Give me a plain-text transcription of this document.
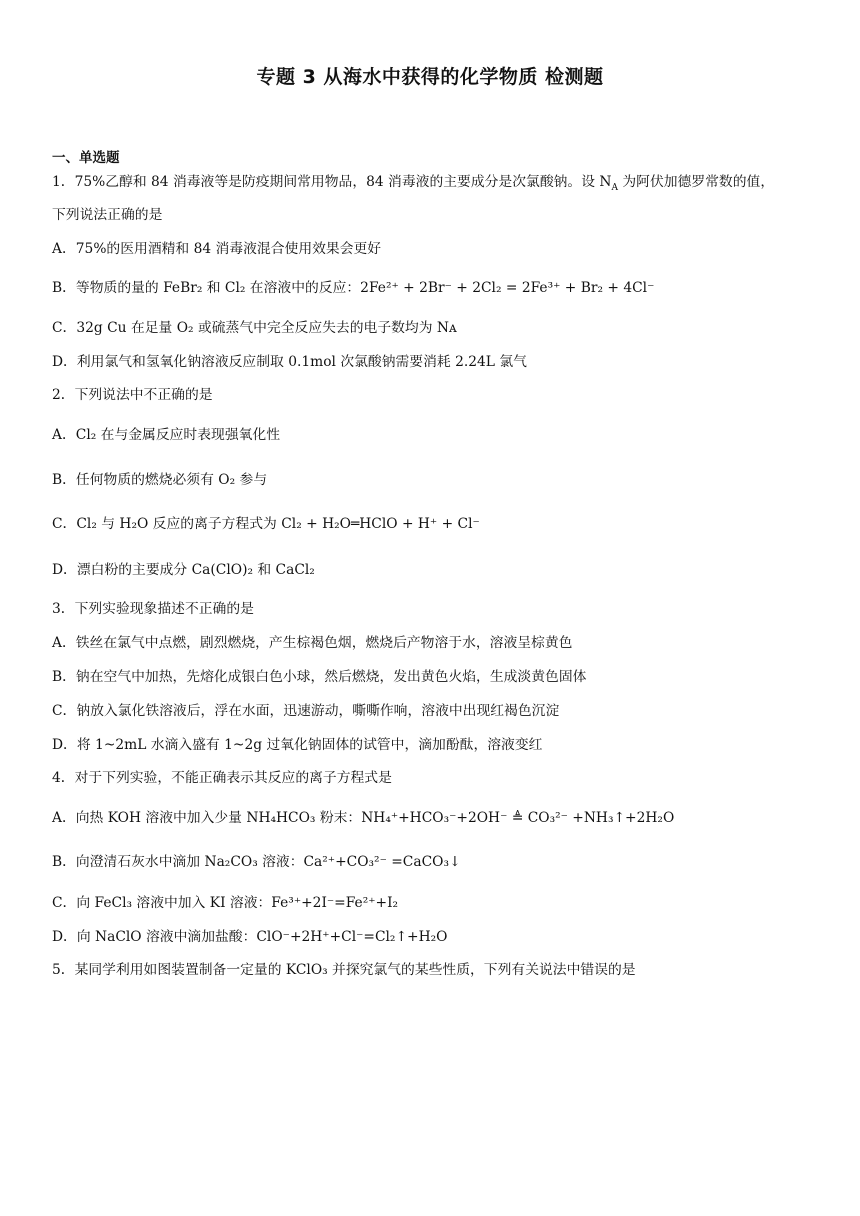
专题 3 从海水中获得的化学物质 检测题
一、单选题
1．75%乙醇和 84 消毒液等是防疫期间常用物品，84 消毒液的主要成分是次氯酸钠。设 $N_A$ 为阿伏加德罗常数的值，
下列说法正确的是
A．75%的医用酒精和 84 消毒液混合使用效果会更好
B．等物质的量的 FeBr₂ 和 Cl₂ 在溶液中的反应：2Fe²⁺ + 2Br⁻ + 2Cl₂ = 2Fe³⁺ + Br₂ + 4Cl⁻
C．32g Cu 在足量 O₂ 或硫蒸气中完全反应失去的电子数均为 Nᴀ
D．利用氯气和氢氧化钠溶液反应制取 0.1mol 次氯酸钠需要消耗 2.24L 氯气
2．下列说法中不正确的是
A．Cl₂ 在与金属反应时表现强氧化性
B．任何物质的燃烧必须有 O₂ 参与
C．Cl₂ 与 H₂O 反应的离子方程式为 Cl₂ + H₂O═HClO + H⁺ + Cl⁻
D．漂白粉的主要成分 Ca(ClO)₂ 和 CaCl₂
3．下列实验现象描述不正确的是
A．铁丝在氯气中点燃，剧烈燃烧，产生棕褐色烟，燃烧后产物溶于水，溶液呈棕黄色
B．钠在空气中加热，先熔化成银白色小球，然后燃烧，发出黄色火焰，生成淡黄色固体
C．钠放入氯化铁溶液后，浮在水面，迅速游动，嘶嘶作响，溶液中出现红褐色沉淀
D．将 1~2mL 水滴入盛有 1~2g 过氧化钠固体的试管中，滴加酚酞，溶液变红
4．对于下列实验，不能正确表示其反应的离子方程式是
A．向热 KOH 溶液中加入少量 NH₄HCO₃ 粉末：NH₄⁺+HCO₃⁻+2OH⁻ ≜ CO₃²⁻ +NH₃↑+2H₂O
B．向澄清石灰水中滴加 Na₂CO₃ 溶液：Ca²⁺+CO₃²⁻ =CaCO₃↓
C．向 FeCl₃ 溶液中加入 KI 溶液：Fe³⁺+2I⁻=Fe²⁺+I₂
D．向 NaClO 溶液中滴加盐酸：ClO⁻+2H⁺+Cl⁻=Cl₂↑+H₂O
5．某同学利用如图装置制备一定量的 KClO₃ 并探究氯气的某些性质，下列有关说法中错误的是
